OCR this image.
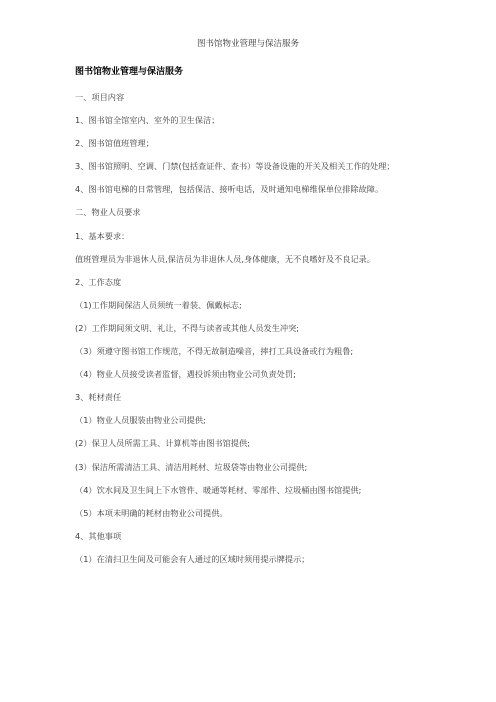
图书馆物业管理与保洁服务
图书馆物业管理与保洁服务
一、项目内容
1、图书馆全馆室内、室外的卫生保洁；
2、图书馆值班管理；
3、图书馆照明、空调、门禁(包括查证件、查书）等设备设施的开关及相关工作的处理；
4、图书馆电梯的日常管理，包括保洁、接听电话，及时通知电梯维保单位排除故障。
二、物业人员要求
1、基本要求：
值班管理员为非退休人员,保洁员为非退休人员,身体健康，无不良嗜好及不良记录。
2、工作态度
（1)工作期间保洁人员须统一着装、佩戴标志;
(2）工作期间须文明、礼让，不得与读者或其他人员发生冲突;
（3）须遵守图书馆工作规范，不得无故制造噪音，摔打工具设备或行为粗鲁;
（4）物业人员接受读者监督，遇投诉须由物业公司负责处罚;
3、耗材责任
（1）物业人员服装由物业公司提供;
(2）保卫人员所需工具、计算机等由图书馆提供;
(3）保洁所需清洁工具、清洁用耗材、垃圾袋等由物业公司提供;
（4）饮水间及卫生间上下水管件、暖通等耗材、零部件、垃圾桶由图书馆提供;
（5）本项未明确的耗材由物业公司提供。
4、其他事项
（1）在清扫卫生间及可能会有人通过的区域时须用提示牌提示；
